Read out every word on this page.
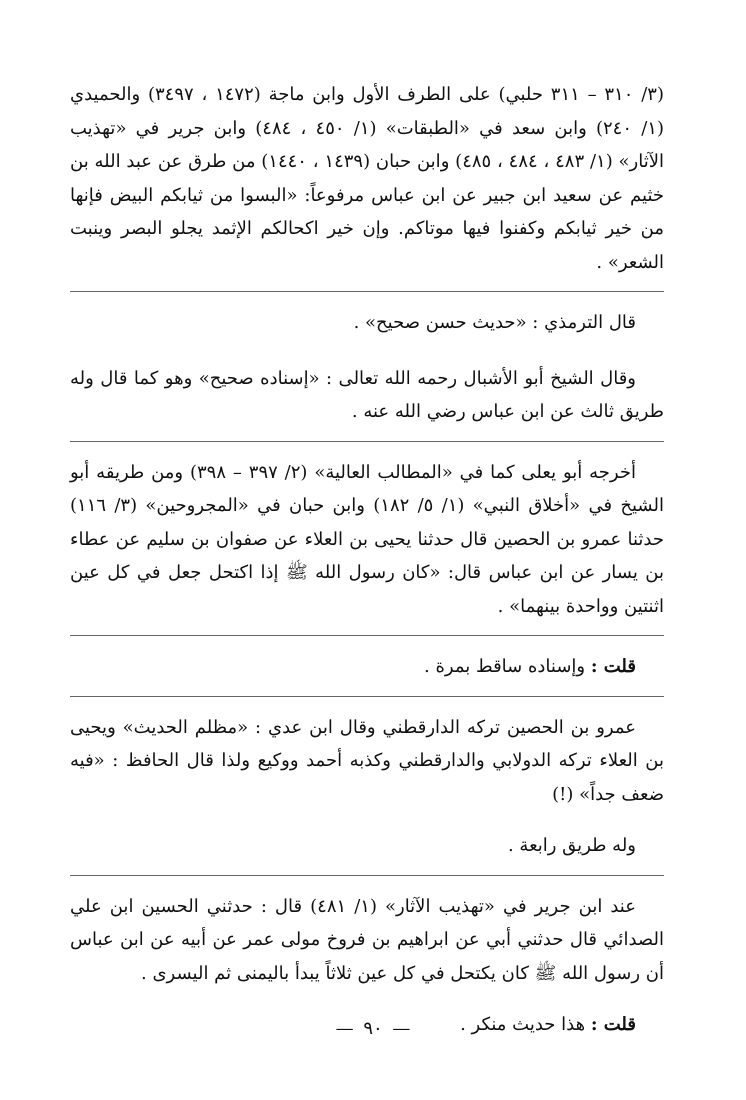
(٣/ ٣١٠ – ٣١١ حلبي) على الطرف الأول وابن ماجة (١٤٧٢ ، ٣٤٩٧) والحميدي (١/ ٢٤٠) وابن سعد في «الطبقات» (١/ ٤٥٠ ، ٤٨٤) وابن جرير في «تهذيب الآثار» (١/ ٤٨٣ ، ٤٨٤ ، ٤٨٥) وابن حبان (١٤٣٩ ، ١٤٤٠) من طرق عن عبد الله بن خثيم عن سعيد ابن جبير عن ابن عباس مرفوعاً: «البسوا من ثيابكم البيض فإنها من خير ثيابكم وكفنوا فيها موتاكم. وإن خير اكحالكم الإثمد يجلو البصر وينبت الشعر» .

قال الترمذي : «حديث حسن صحيح» .

وقال الشيخ أبو الأشبال رحمه الله تعالى : «إسناده صحيح» وهو كما قال وله طريق ثالث عن ابن عباس رضي الله عنه .

أخرجه أبو يعلى كما في «المطالب العالية» (٢/ ٣٩٧ – ٣٩٨) ومن طريقه أبو الشيخ في «أخلاق النبي» (١/ ٥/ ١٨٢) وابن حبان في «المجروحين» (٣/ ١١٦) حدثنا عمرو بن الحصين قال حدثنا يحيى بن العلاء عن صفوان بن سليم عن عطاء بن يسار عن ابن عباس قال: «كان رسول الله ﷺ إذا اكتحل جعل في كل عين اثنتين وواحدة بينهما» .

قلت : وإسناده ساقط بمرة .

عمرو بن الحصين تركه الدارقطني وقال ابن عدي : «مظلم الحديث» ويحيى بن العلاء تركه الدولابي والدارقطني وكذبه أحمد ووكيع ولذا قال الحافظ : «فيه ضعف جداً» (!)

وله طريق رابعة .

عند ابن جرير في «تهذيب الآثار» (١/ ٤٨١) قال : حدثني الحسين ابن علي الصدائي قال حدثني أبي عن ابراهيم بن فروخ مولى عمر عن أبيه عن ابن عباس أن رسول الله ﷺ كان يكتحل في كل عين ثلاثاً يبدأ باليمنى ثم اليسرى .

قلت : هذا حديث منكر .

— ٩٠ —
